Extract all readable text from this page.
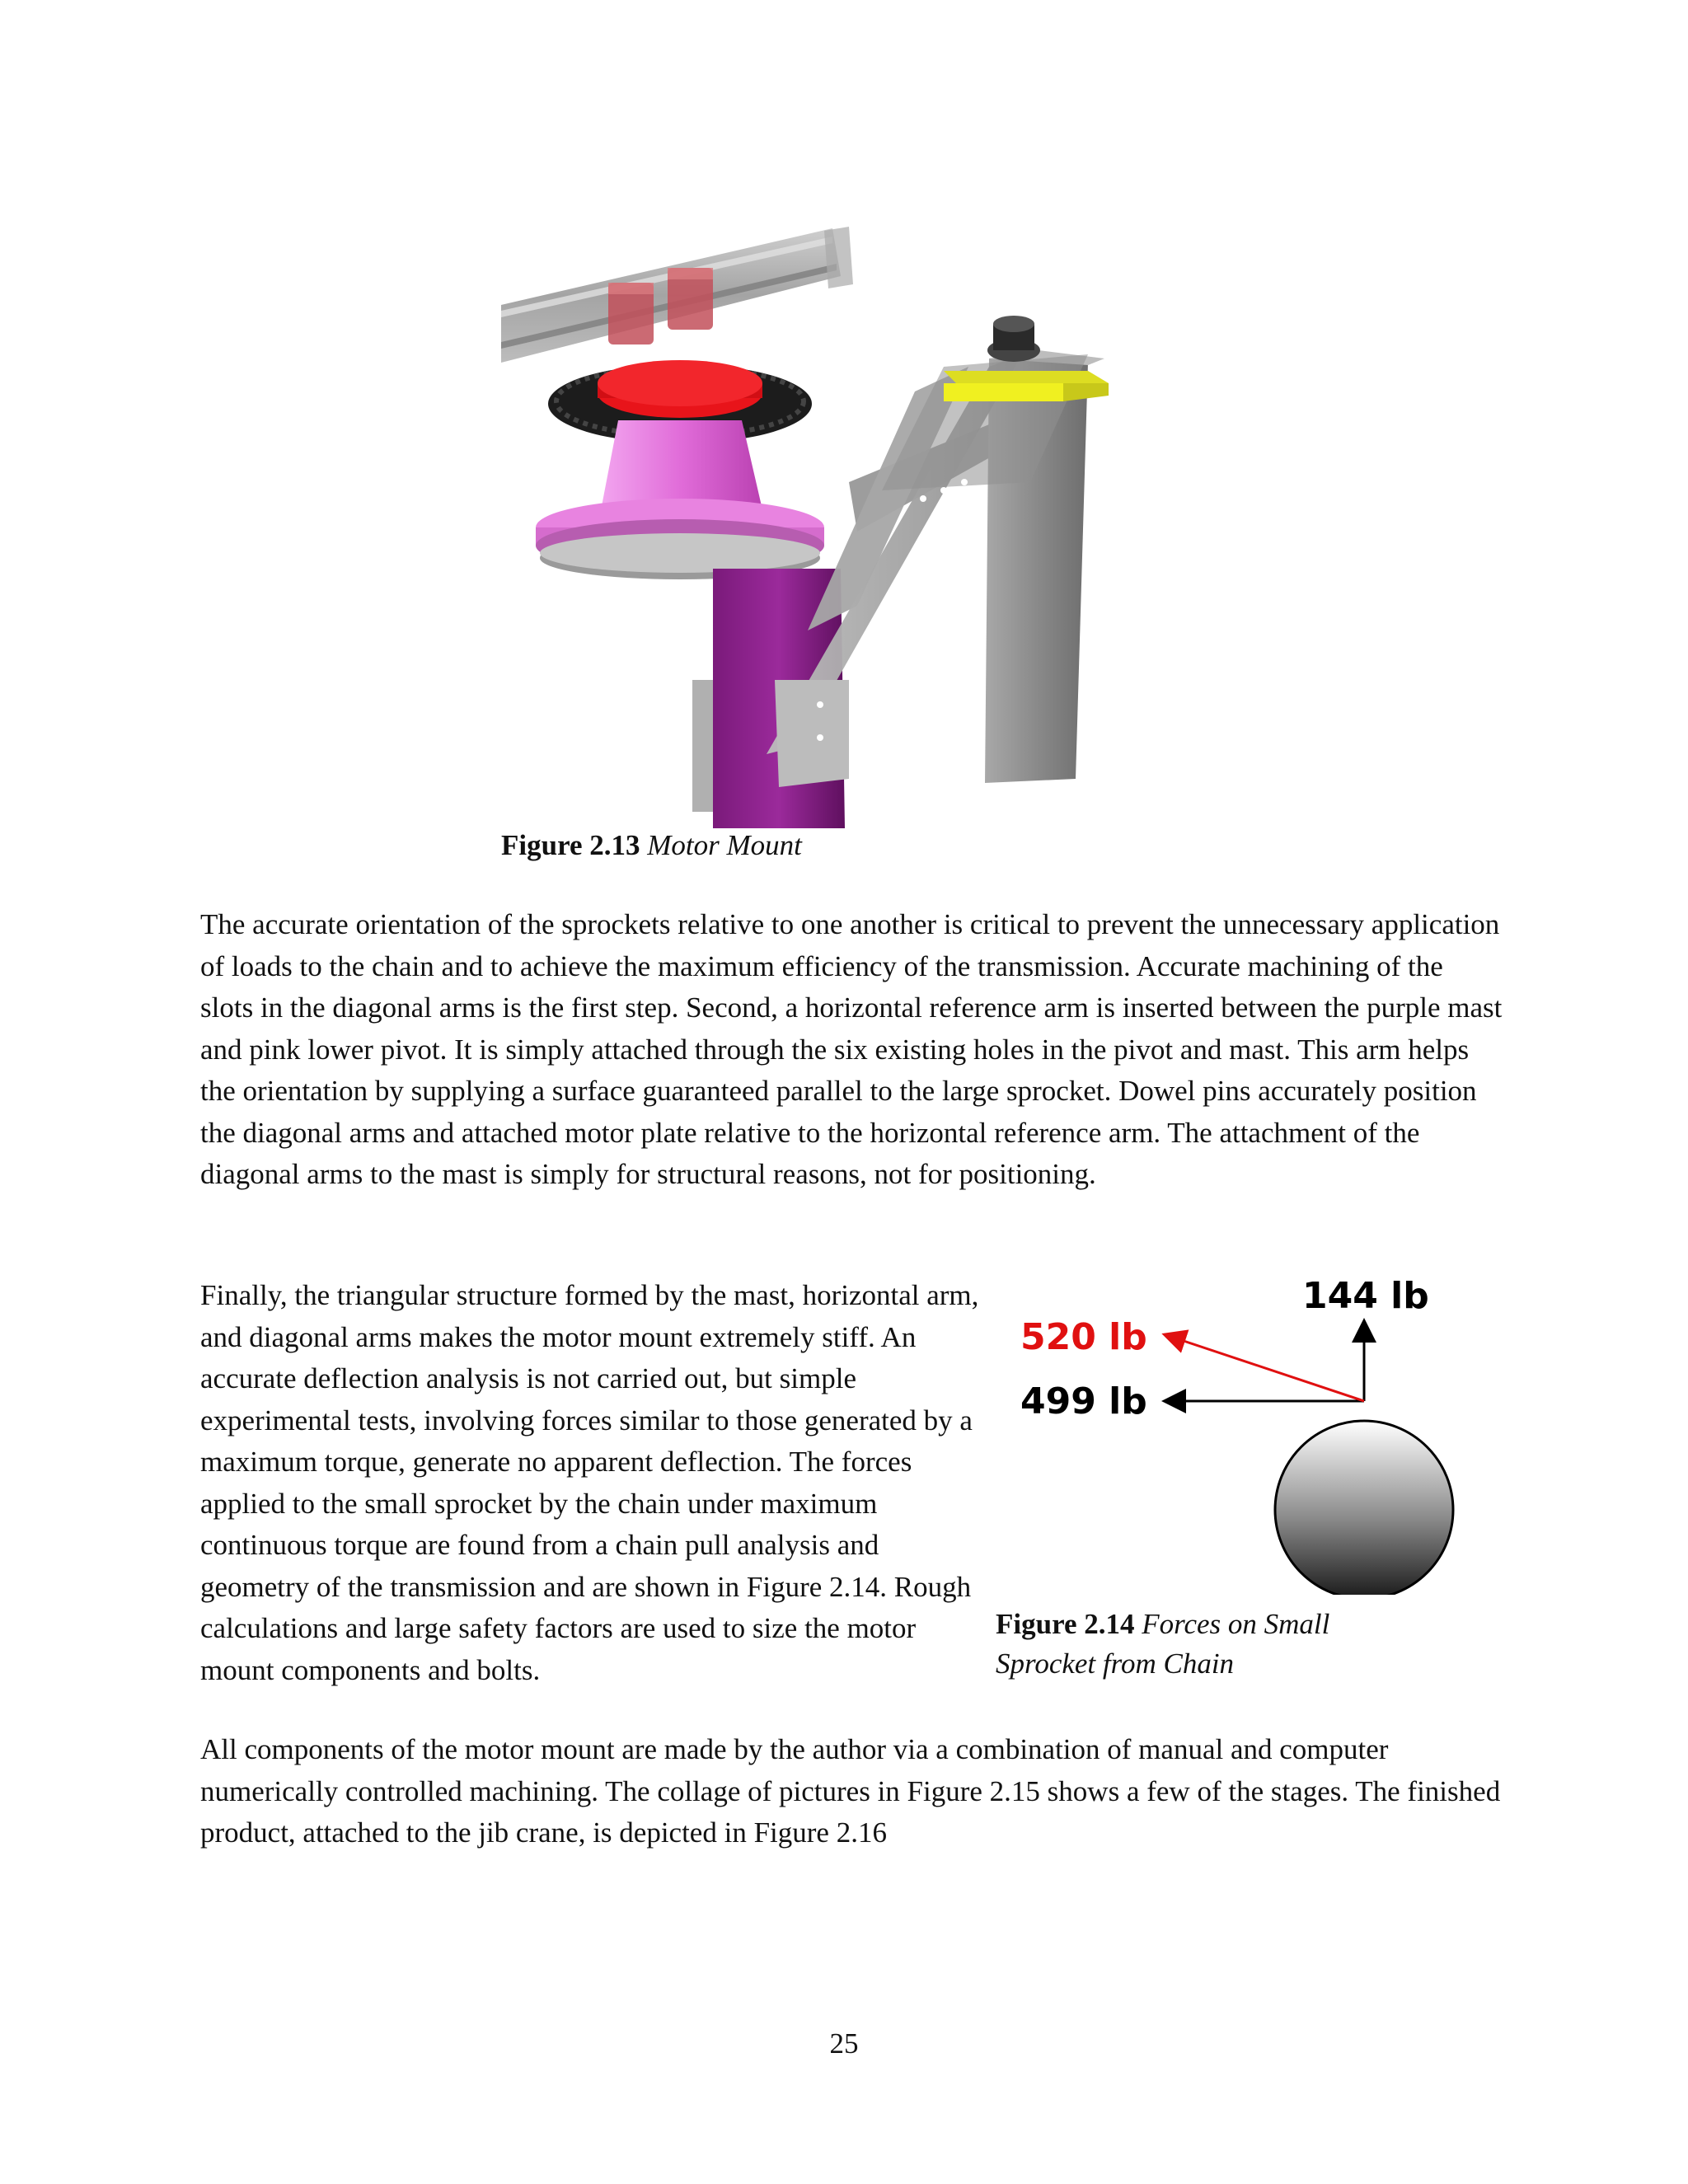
Figure 2.13 Motor Mount

The accurate orientation of the sprockets relative to one another is critical to prevent the unnecessary application of loads to the chain and to achieve the maximum efficiency of the transmission. Accurate machining of the slots in the diagonal arms is the first step. Second, a horizontal reference arm is inserted between the purple mast and pink lower pivot. It is simply attached through the six existing holes in the pivot and mast. This arm helps the orientation by supplying a surface guaranteed parallel to the large sprocket. Dowel pins accurately position the diagonal arms and attached motor plate relative to the horizontal reference arm. The attachment of the diagonal arms to the mast is simply for structural reasons, not for positioning.

Finally, the triangular structure formed by the mast, horizontal arm, and diagonal arms makes the motor mount extremely stiff. An accurate deflection analysis is not carried out, but simple experimental tests, involving forces similar to those generated by a maximum torque, generate no apparent deflection. The forces applied to the small sprocket by the chain under maximum continuous torque are found from a chain pull analysis and geometry of the transmission and are shown in Figure 2.14. Rough calculations and large safety factors are used to size the motor mount components and bolts.

144 lb
520 lb
499 lb
Figure 2.14 Forces on Small Sprocket from Chain

All components of the motor mount are made by the author via a combination of manual and computer numerically controlled machining. The collage of pictures in Figure 2.15 shows a few of the stages. The finished product, attached to the jib crane, is depicted in Figure 2.16

25
